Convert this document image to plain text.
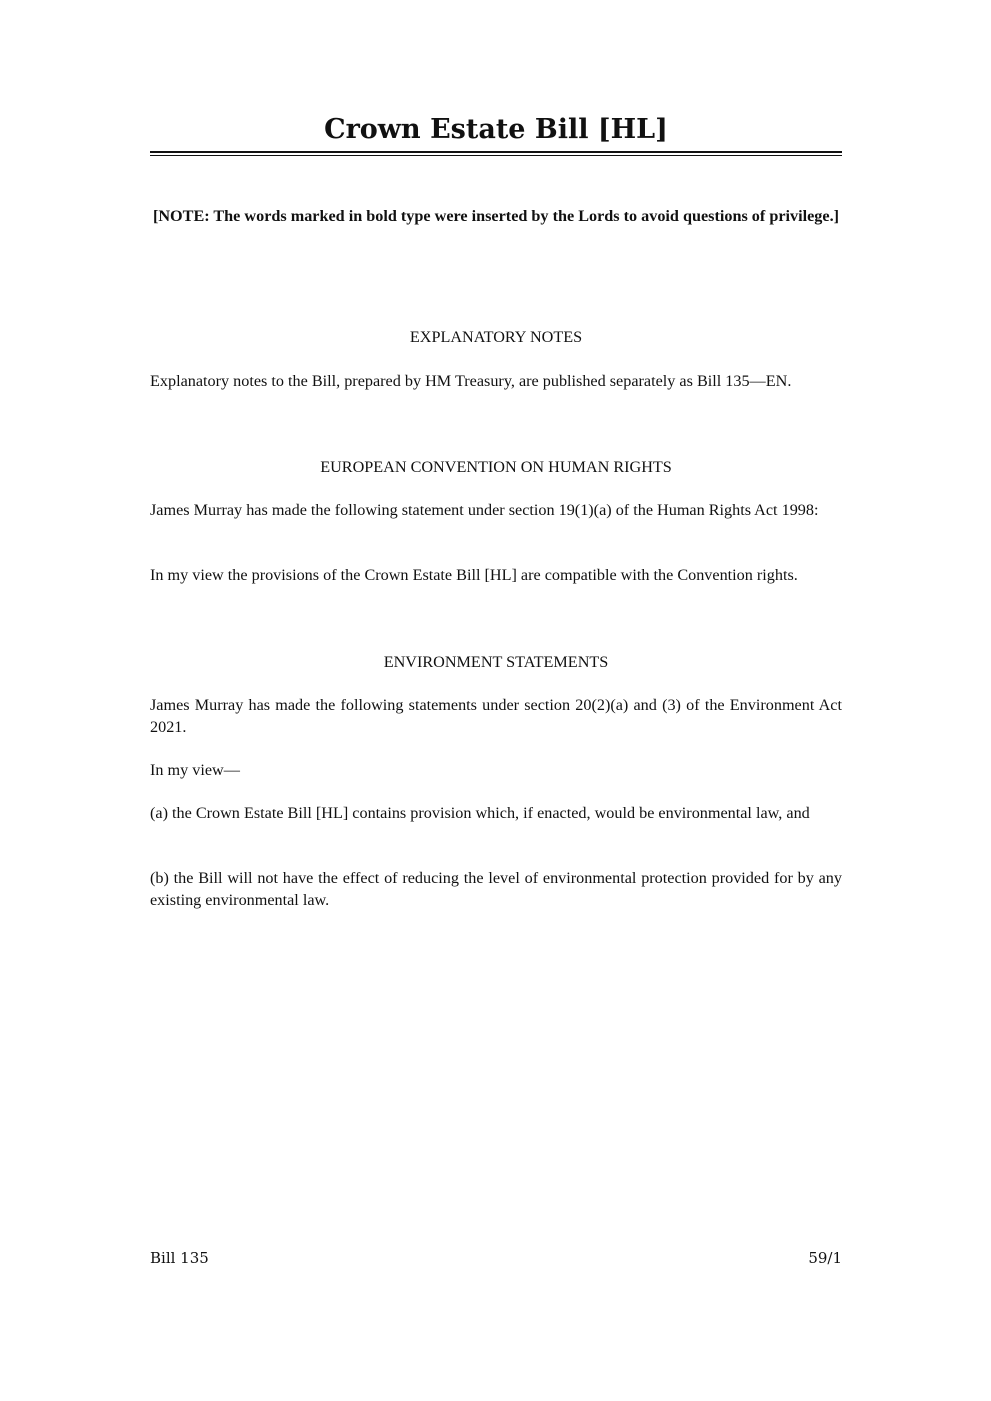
Crown Estate Bill [HL]

[NOTE: The words marked in bold type were inserted by the Lords to avoid questions of privilege.]

EXPLANATORY NOTES

Explanatory notes to the Bill, prepared by HM Treasury, are published separately as Bill 135—EN.

EUROPEAN CONVENTION ON HUMAN RIGHTS

James Murray has made the following statement under section 19(1)(a) of the Human Rights Act 1998:

In my view the provisions of the Crown Estate Bill [HL] are compatible with the Convention rights.

ENVIRONMENT STATEMENTS

James Murray has made the following statements under section 20(2)(a) and (3) of the Environment Act 2021.

In my view—

(a) the Crown Estate Bill [HL] contains provision which, if enacted, would be environmental law, and

(b) the Bill will not have the effect of reducing the level of environmental protection provided for by any existing environmental law.

Bill 135	59/1
